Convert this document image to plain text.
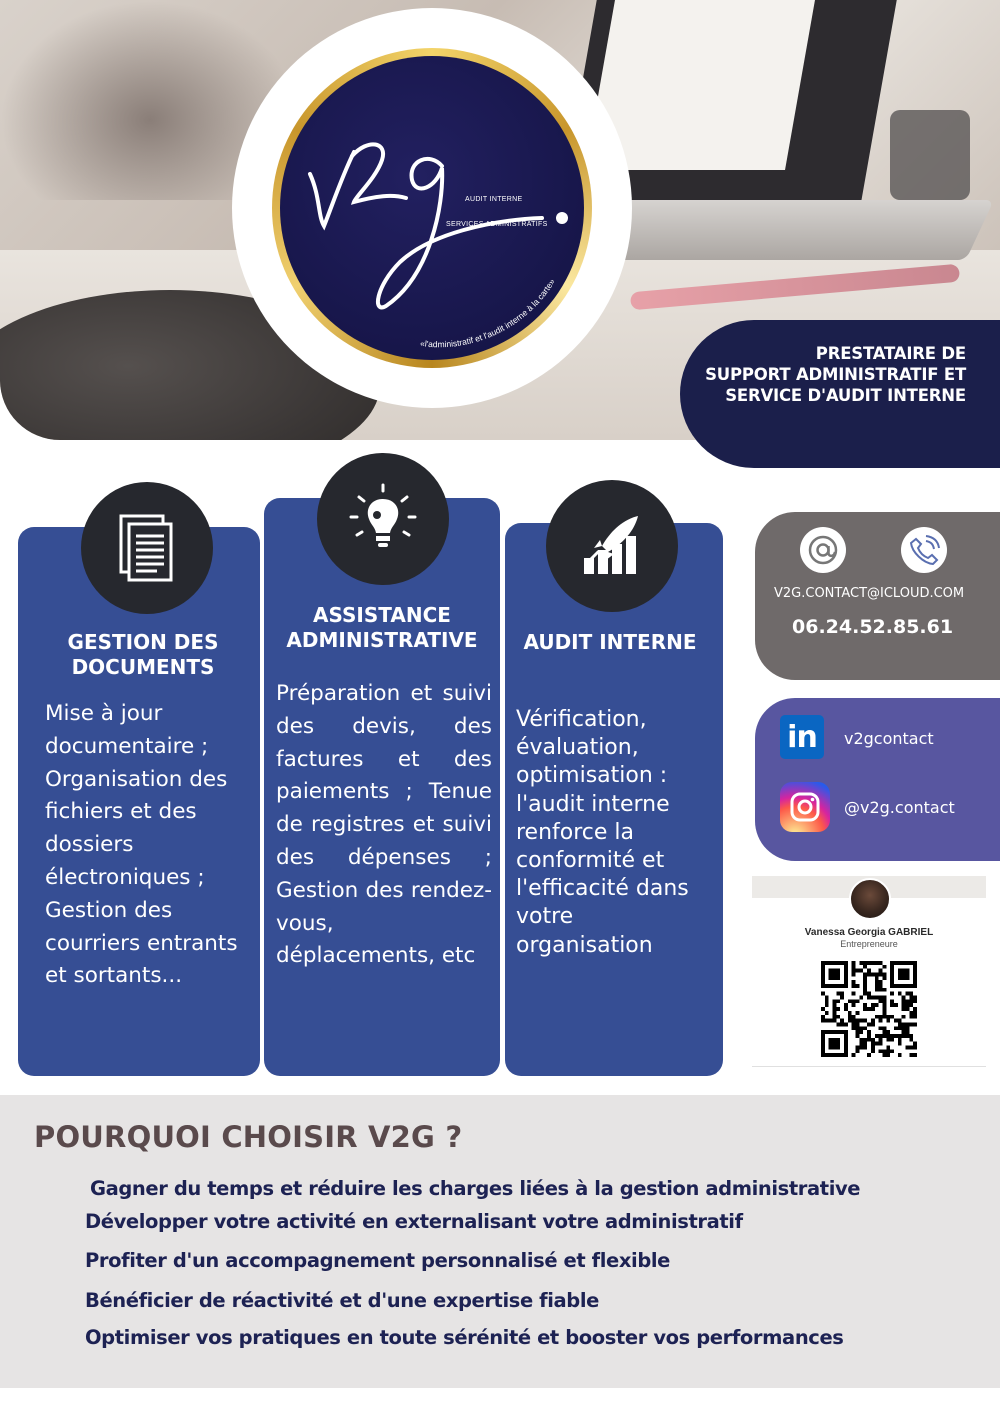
«l'administratif et l'audit interne à la carte»
AUDIT INTERNE
SERVICES ADMINISTRATIFS
PRESTATAIRE DE
SUPPORT ADMINISTRATIF ET
SERVICE D'AUDIT INTERNE
GESTION DES DOCUMENTS
ASSISTANCE ADMINISTRATIVE	AUDIT INTERNE
Mise à jour documentaire ; Organisation des fichiers et des dossiers électroniques ; Gestion des courriers entrants et sortants...
Préparation et suivi des devis, des factures et des paiements ; Tenue de registres et suivi des dépenses ; Gestion des rendez-vous, déplacements, etc
Vérification, évaluation, optimisation : l'audit interne renforce la conformité et l'efficacité dans votre organisation
V2G.CONTACT@ICLOUD.COM
06.24.52.85.61
in	v2gcontact
@v2g.contact
Vanessa Georgia GABRIEL
Entrepreneure
POURQUOI CHOISIR V2G ?
Gagner du temps et réduire les charges liées à la gestion administrative
Développer votre activité en externalisant votre administratif
Profiter d'un accompagnement personnalisé et flexible
Bénéficier de réactivité et d'une expertise fiable
Optimiser vos pratiques en toute sérénité et booster vos performances
